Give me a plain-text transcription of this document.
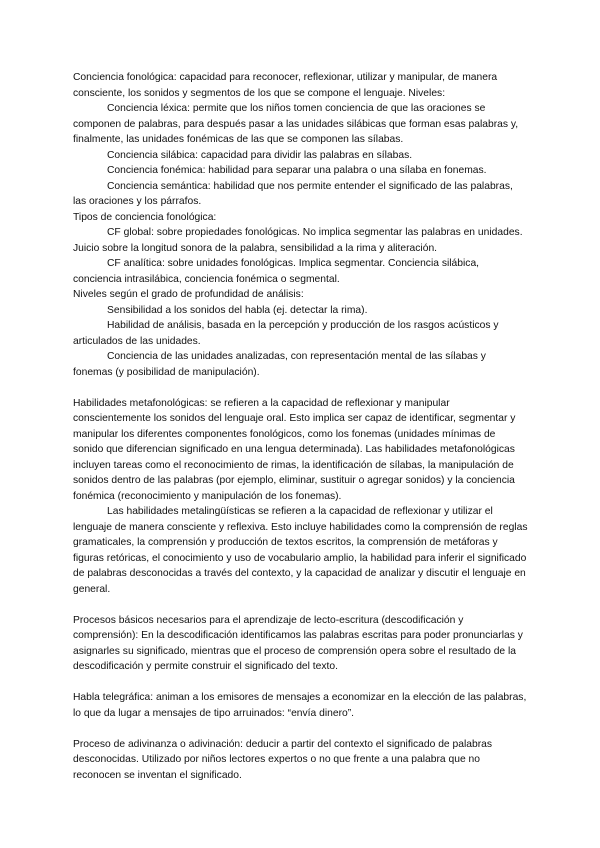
Conciencia fonológica: capacidad para reconocer, reflexionar, utilizar y manipular, de manera consciente, los sonidos y segmentos de los que se compone el lenguaje. Niveles:

Conciencia léxica: permite que los niños tomen conciencia de que las oraciones se componen de palabras, para después pasar a las unidades silábicas que forman esas palabras y, finalmente, las unidades fonémicas de las que se componen las sílabas.

Conciencia silábica: capacidad para dividir las palabras en sílabas.

Conciencia fonémica: habilidad para separar una palabra o una sílaba en fonemas.

Conciencia semántica: habilidad que nos permite entender el significado de las palabras, las oraciones y los párrafos.

Tipos de conciencia fonológica:

CF global: sobre propiedades fonológicas. No implica segmentar las palabras en unidades. Juicio sobre la longitud sonora de la palabra, sensibilidad a la rima y aliteración.

CF analítica: sobre unidades fonológicas. Implica segmentar. Conciencia silábica, conciencia intrasilábica, conciencia fonémica o segmental.

Niveles según el grado de profundidad de análisis:

Sensibilidad a los sonidos del habla (ej. detectar la rima).

Habilidad de análisis, basada en la percepción y producción de los rasgos acústicos y articulados de las unidades.

Conciencia de las unidades analizadas, con representación mental de las sílabas y fonemas (y posibilidad de manipulación).

Habilidades metafonológicas: se refieren a la capacidad de reflexionar y manipular conscientemente los sonidos del lenguaje oral. Esto implica ser capaz de identificar, segmentar y manipular los diferentes componentes fonológicos, como los fonemas (unidades mínimas de sonido que diferencian significado en una lengua determinada). Las habilidades metafonológicas incluyen tareas como el reconocimiento de rimas, la identificación de sílabas, la manipulación de sonidos dentro de las palabras (por ejemplo, eliminar, sustituir o agregar sonidos) y la conciencia fonémica (reconocimiento y manipulación de los fonemas).

Las habilidades metalingüísticas se refieren a la capacidad de reflexionar y utilizar el lenguaje de manera consciente y reflexiva. Esto incluye habilidades como la comprensión de reglas gramaticales, la comprensión y producción de textos escritos, la comprensión de metáforas y figuras retóricas, el conocimiento y uso de vocabulario amplio, la habilidad para inferir el significado de palabras desconocidas a través del contexto, y la capacidad de analizar y discutir el lenguaje en general.

Procesos básicos necesarios para el aprendizaje de lecto-escritura (descodificación y comprensión): En la descodificación identificamos las palabras escritas para poder pronunciarlas y asignarles su significado, mientras que el proceso de comprensión opera sobre el resultado de la descodificación y permite construir el significado del texto.

Habla telegráfica: animan a los emisores de mensajes a economizar en la elección de las palabras, lo que da lugar a mensajes de tipo arruinados: “envía dinero”.

Proceso de adivinanza o adivinación: deducir a partir del contexto el significado de palabras desconocidas. Utilizado por niños lectores expertos o no que frente a una palabra que no reconocen se inventan el significado.
